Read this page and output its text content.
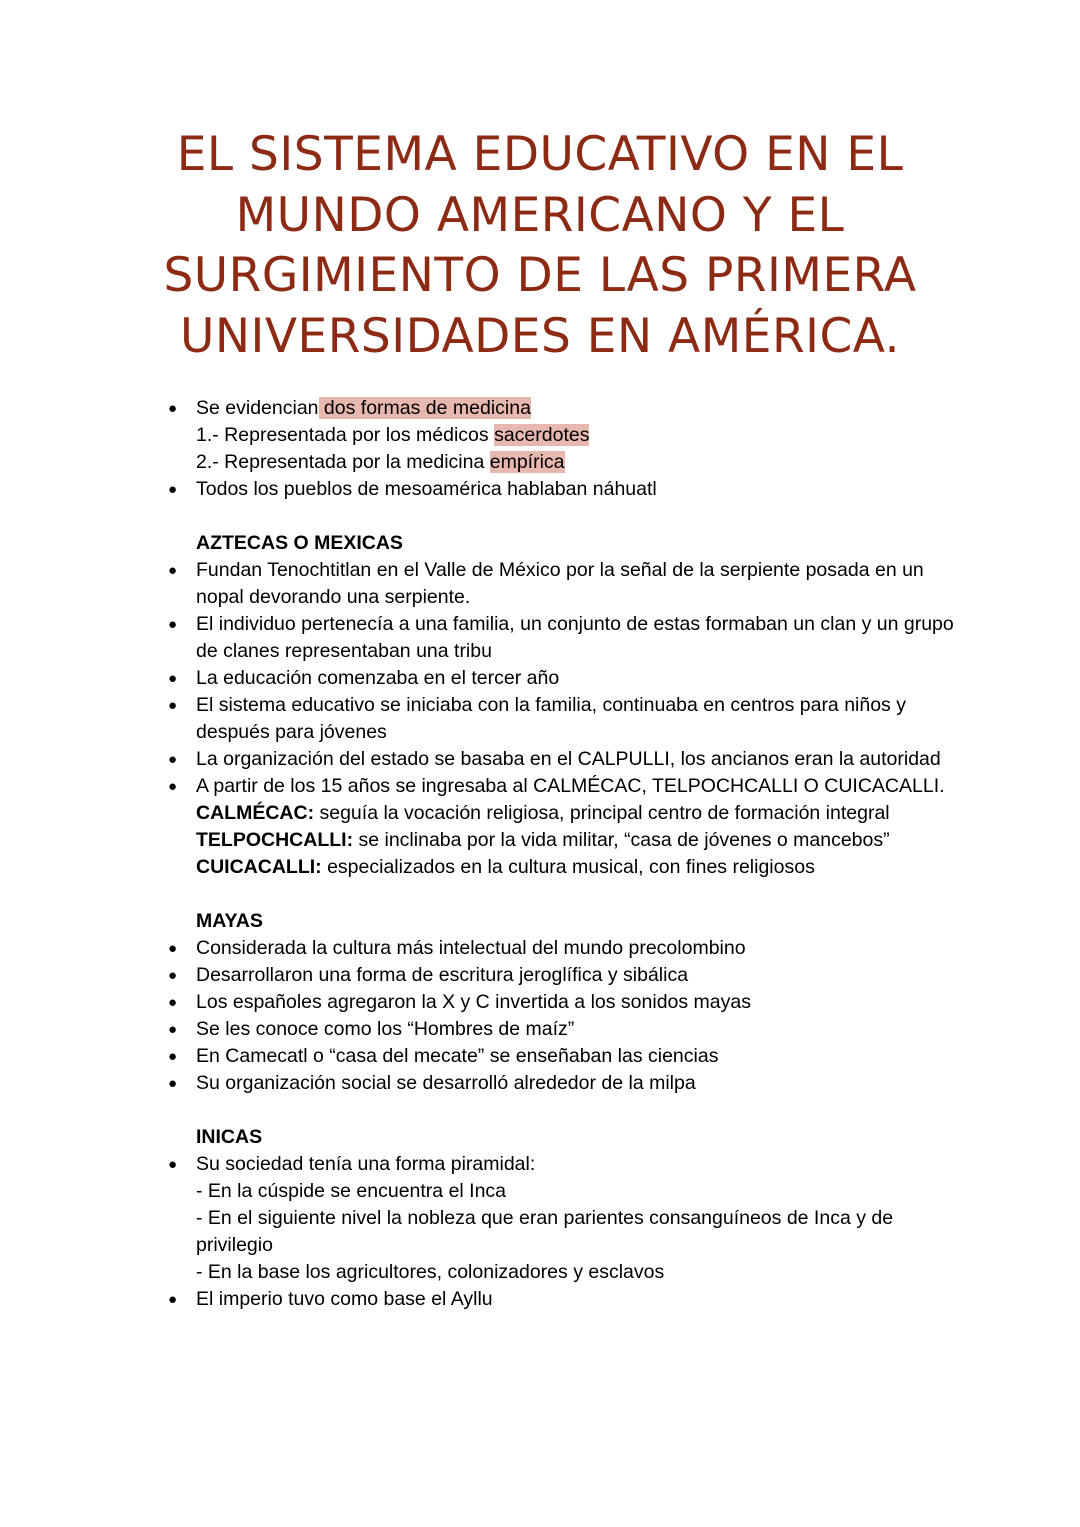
EL SISTEMA EDUCATIVO EN EL MUNDO AMERICANO Y EL SURGIMIENTO DE LAS PRIMERA UNIVERSIDADES EN AMÉRICA.
● Se evidencian dos formas de medicina
1.- Representada por los médicos sacerdotes
2.- Representada por la medicina empírica
● Todos los pueblos de mesoamérica hablaban náhuatl
AZTECAS O MEXICAS
● Fundan Tenochtitlan en el Valle de México por la señal de la serpiente posada en un nopal devorando una serpiente.
● El individuo pertenecía a una familia, un conjunto de estas formaban un clan y un grupo de clanes representaban una tribu
● La educación comenzaba en el tercer año
● El sistema educativo se iniciaba con la familia, continuaba en centros para niños y después para jóvenes
● La organización del estado se basaba en el CALPULLI, los ancianos eran la autoridad
● A partir de los 15 años se ingresaba al CALMÉCAC, TELPOCHCALLI O CUICACALLI.
CALMÉCAC: seguía la vocación religiosa, principal centro de formación integral
TELPOCHCALLI: se inclinaba por la vida militar, “casa de jóvenes o mancebos”
CUICACALLI: especializados en la cultura musical, con fines religiosos
MAYAS
● Considerada la cultura más intelectual del mundo precolombino
● Desarrollaron una forma de escritura jeroglífica y sibálica
● Los españoles agregaron la X y C invertida a los sonidos mayas
● Se les conoce como los “Hombres de maíz”
● En Camecatl o “casa del mecate” se enseñaban las ciencias
● Su organización social se desarrolló alrededor de la milpa
INICAS
● Su sociedad tenía una forma piramidal:
- En la cúspide se encuentra el Inca
- En el siguiente nivel la nobleza que eran parientes consanguíneos de Inca y de privilegio
- En la base los agricultores, colonizadores y esclavos
● El imperio tuvo como base el Ayllu
